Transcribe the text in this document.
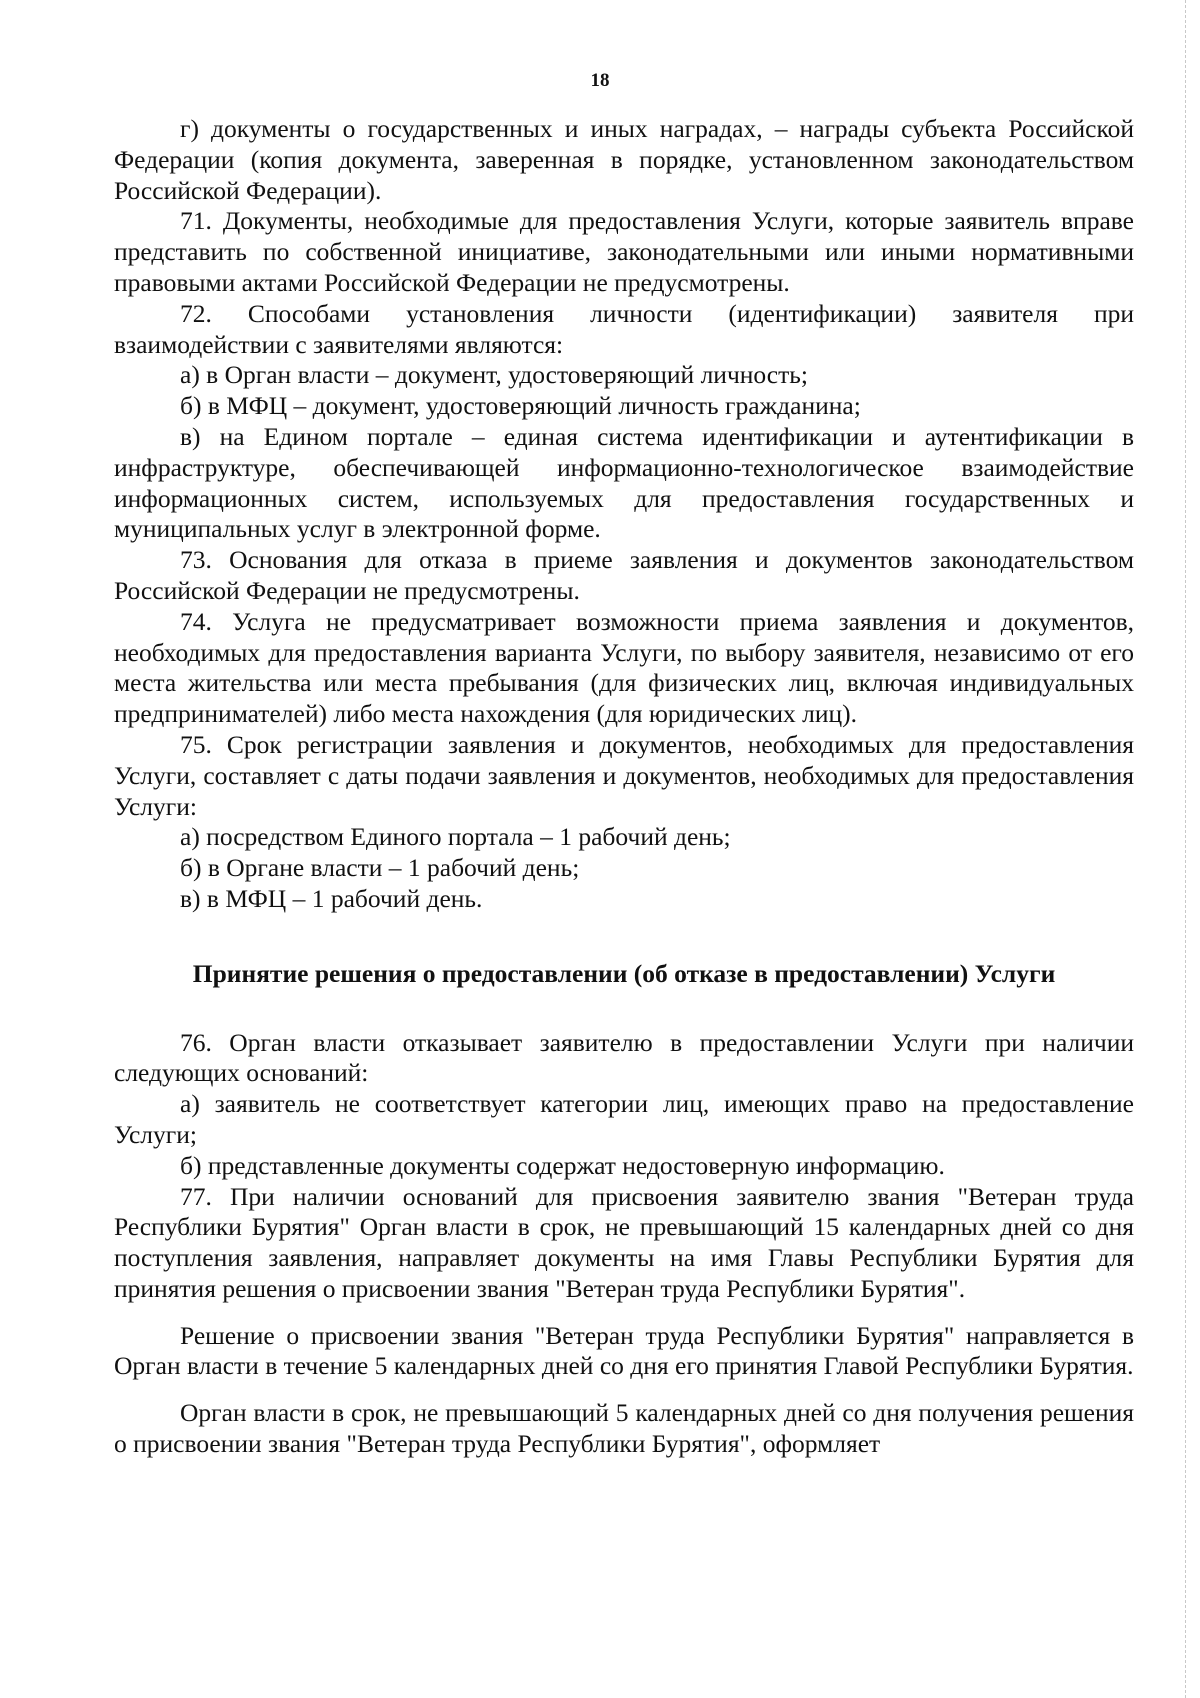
18

г) документы о государственных и иных наградах, – награды субъекта Российской Федерации (копия документа, заверенная в порядке, установленном законодательством Российской Федерации).

71. Документы, необходимые для предоставления Услуги, которые заявитель вправе представить по собственной инициативе, законодательными или иными нормативными правовыми актами Российской Федерации не предусмотрены.

72. Способами установления личности (идентификации) заявителя при взаимодействии с заявителями являются:

а) в Орган власти – документ, удостоверяющий личность;

б) в МФЦ – документ, удостоверяющий личность гражданина;

в) на Едином портале – единая система идентификации и аутентификации в инфраструктуре, обеспечивающей информационно-технологическое взаимодействие информационных систем, используемых для предоставления государственных и муниципальных услуг в электронной форме.

73. Основания для отказа в приеме заявления и документов законодательством Российской Федерации не предусмотрены.

74. Услуга не предусматривает возможности приема заявления и документов, необходимых для предоставления варианта Услуги, по выбору заявителя, независимо от его места жительства или места пребывания (для физических лиц, включая индивидуальных предпринимателей) либо места нахождения (для юридических лиц).

75. Срок регистрации заявления и документов, необходимых для предоставления Услуги, составляет с даты подачи заявления и документов, необходимых для предоставления Услуги:

а) посредством Единого портала – 1 рабочий день;

б) в Органе власти – 1 рабочий день;

в) в МФЦ – 1 рабочий день.

Принятие решения о предоставлении (об отказе в предоставлении) Услуги

76. Орган власти отказывает заявителю в предоставлении Услуги при наличии следующих оснований:

а) заявитель не соответствует категории лиц, имеющих право на предоставление Услуги;

б) представленные документы содержат недостоверную информацию.

77. При наличии оснований для присвоения заявителю звания "Ветеран труда Республики Бурятия" Орган власти в срок, не превышающий 15 календарных дней со дня поступления заявления, направляет документы на имя Главы Республики Бурятия для принятия решения о присвоении звания "Ветеран труда Республики Бурятия".

Решение о присвоении звания "Ветеран труда Республики Бурятия" направляется в Орган власти в течение 5 календарных дней со дня его принятия Главой Республики Бурятия.

Орган власти в срок, не превышающий 5 календарных дней со дня получения решения о присвоении звания "Ветеран труда Республики Бурятия", оформляет
